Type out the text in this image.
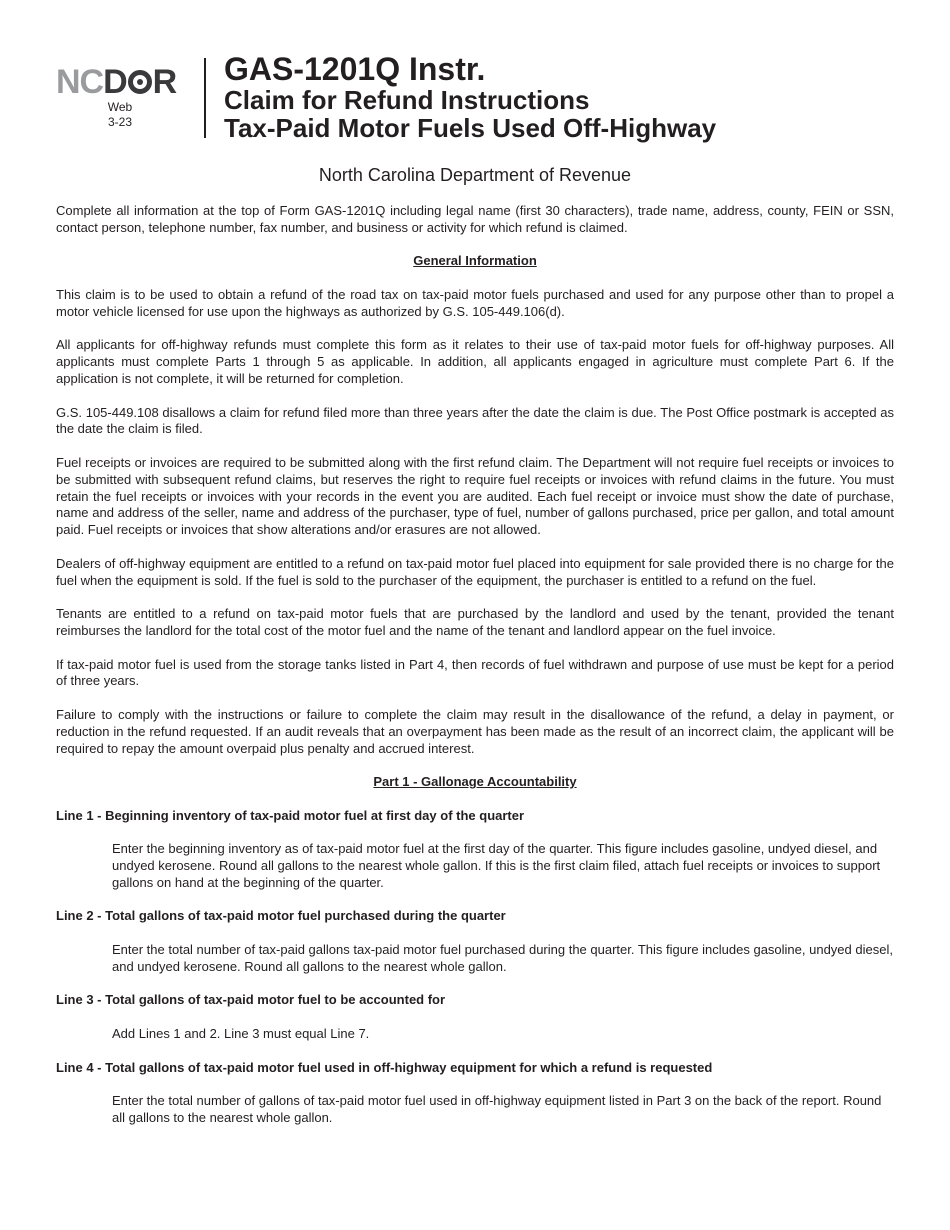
NC D R
Web
3-23
GAS-1201Q Instr.
Claim for Refund Instructions
Tax-Paid Motor Fuels Used Off-Highway
North Carolina Department of Revenue

Complete all information at the top of Form GAS-1201Q including legal name (first 30 characters), trade name, address, county, FEIN or SSN, contact person, telephone number, fax number, and business or activity for which refund is claimed.

General Information

This claim is to be used to obtain a refund of the road tax on tax-paid motor fuels purchased and used for any purpose other than to propel a motor vehicle licensed for use upon the highways as authorized by G.S. 105-449.106(d).

All applicants for off-highway refunds must complete this form as it relates to their use of tax-paid motor fuels for off-highway purposes. All applicants must complete Parts 1 through 5 as applicable. In addition, all applicants engaged in agriculture must complete Part 6. If the application is not complete, it will be returned for completion.

G.S. 105-449.108 disallows a claim for refund filed more than three years after the date the claim is due. The Post Office postmark is accepted as the date the claim is filed.

Fuel receipts or invoices are required to be submitted along with the first refund claim. The Department will not require fuel receipts or invoices to be submitted with subsequent refund claims, but reserves the right to require fuel receipts or invoices with refund claims in the future. You must retain the fuel receipts or invoices with your records in the event you are audited. Each fuel receipt or invoice must show the date of purchase, name and address of the seller, name and address of the purchaser, type of fuel, number of gallons purchased, price per gallon, and total amount paid. Fuel receipts or invoices that show alterations and/or erasures are not allowed.

Dealers of off-highway equipment are entitled to a refund on tax-paid motor fuel placed into equipment for sale provided there is no charge for the fuel when the equipment is sold. If the fuel is sold to the purchaser of the equipment, the purchaser is entitled to a refund on the fuel.

Tenants are entitled to a refund on tax-paid motor fuels that are purchased by the landlord and used by the tenant, provided the tenant reimburses the landlord for the total cost of the motor fuel and the name of the tenant and landlord appear on the fuel invoice.

If tax-paid motor fuel is used from the storage tanks listed in Part 4, then records of fuel withdrawn and purpose of use must be kept for a period of three years.

Failure to comply with the instructions or failure to complete the claim may result in the disallowance of the refund, a delay in payment, or reduction in the refund requested. If an audit reveals that an overpayment has been made as the result of an incorrect claim, the applicant will be required to repay the amount overpaid plus penalty and accrued interest.

Part 1 - Gallonage Accountability

Line 1 - Beginning inventory of tax-paid motor fuel at first day of the quarter

Enter the beginning inventory as of tax-paid motor fuel at the first day of the quarter. This figure includes gasoline, undyed diesel, and undyed kerosene. Round all gallons to the nearest whole gallon. If this is the first claim filed, attach fuel receipts or invoices to support gallons on hand at the beginning of the quarter.

Line 2 - Total gallons of tax-paid motor fuel purchased during the quarter

Enter the total number of tax-paid gallons tax-paid motor fuel purchased during the quarter. This figure includes gasoline, undyed diesel, and undyed kerosene. Round all gallons to the nearest whole gallon.

Line 3 - Total gallons of tax-paid motor fuel to be accounted for

Add Lines 1 and 2. Line 3 must equal Line 7.

Line 4 - Total gallons of tax-paid motor fuel used in off-highway equipment for which a refund is requested

Enter the total number of gallons of tax-paid motor fuel used in off-highway equipment listed in Part 3 on the back of the report. Round all gallons to the nearest whole gallon.
